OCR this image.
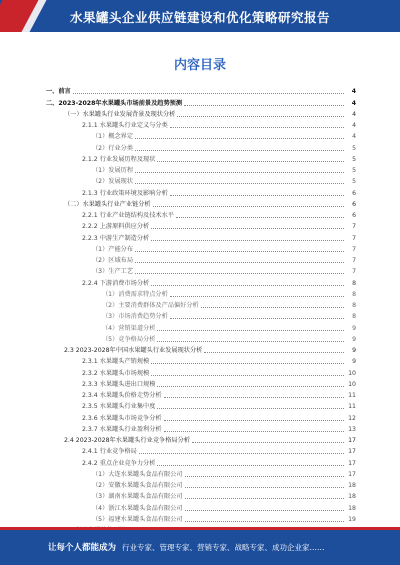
水果罐头企业供应链建设和优化策略研究报告
内容目录
一、前言	4
二、2023-2028年水果罐头市场前景及趋势预测	4
（一）水果罐头行业发展背景及现状分析	4
2.1.1 水果罐头行业定义与分类	4
（1）概念界定	4
（2）行业分类	5
2.1.2 行业发展历程及现状	5
（1）发展历程	5
（2）发展现状	5
2.1.3 行业政策环境及影响分析	6
（二）水果罐头行业产业链分析	6
2.2.1 行业产业链结构及技术水平	6
2.2.2 上游原料供应分析	7
2.2.3 中游生产制造分析	7
（1）产能分布	7
（2）区域布局	7
（3）生产工艺	7
2.2.4 下游消费市场分析	8
（1）消费需求特点分析	8
（2）主要消费群体及产品偏好分析	8
（3）市场消费趋势分析	8
（4）营销渠道分析	9
（5）竞争格局分析	9
2.3 2023-2028年中国水果罐头行业发展现状分析	9
2.3.1 水果罐头产销规模	9
2.3.2 水果罐头市场规模	10
2.3.3 水果罐头进出口规模	10
2.3.4 水果罐头价格走势分析	11
2.3.5 水果罐头行业集中度	11
2.3.6 水果罐头市场竞争分析	12
2.3.7 水果罐头行业盈利分析	13
2.4 2023-2028年水果罐头行业竞争格局分析	17
2.4.1 行业竞争格局	17
2.4.2 重点企业竞争力分析	17
（1）大连水果罐头食品有限公司	17
（2）安徽水果罐头食品有限公司	18
（3）湖南水果罐头食品有限公司	18
（4）浙江水果罐头食品有限公司	18
（5）福建水果罐头食品有限公司	19
让每个人都能成为 行业专家、管理专家、营销专家、战略专家、成功企业家……
